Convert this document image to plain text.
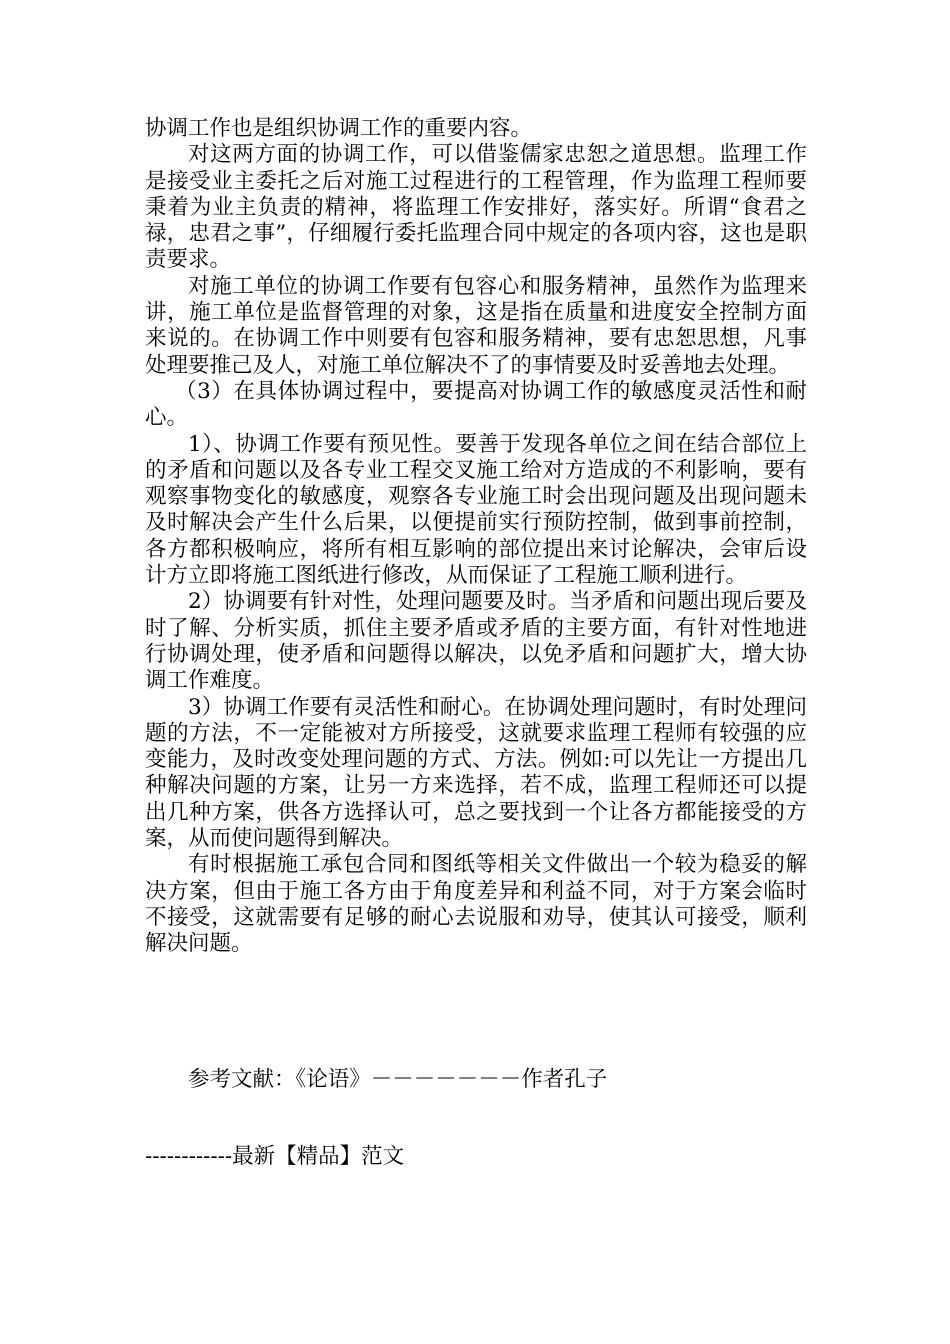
协调工作也是组织协调工作的重要内容。

对这两方面的协调工作，可以借鉴儒家忠恕之道思想。监理工作是接受业主委托之后对施工过程进行的工程管理，作为监理工程师要秉着为业主负责的精神，将监理工作安排好，落实好。所谓“食君之禄，忠君之事”，仔细履行委托监理合同中规定的各项内容，这也是职责要求。

对施工单位的协调工作要有包容心和服务精神，虽然作为监理来讲，施工单位是监督管理的对象，这是指在质量和进度安全控制方面来说的。在协调工作中则要有包容和服务精神，要有忠恕思想，凡事处理要推己及人，对施工单位解决不了的事情要及时妥善地去处理。

（3）在具体协调过程中，要提高对协调工作的敏感度灵活性和耐心。

1）、协调工作要有预见性。要善于发现各单位之间在结合部位上的矛盾和问题以及各专业工程交叉施工给对方造成的不利影响，要有观察事物变化的敏感度，观察各专业施工时会出现问题及出现问题未及时解决会产生什么后果，以便提前实行预防控制，做到事前控制，各方都积极响应，将所有相互影响的部位提出来讨论解决，会审后设计方立即将施工图纸进行修改，从而保证了工程施工顺利进行。

2）协调要有针对性，处理问题要及时。当矛盾和问题出现后要及时了解、分析实质，抓住主要矛盾或矛盾的主要方面，有针对性地进行协调处理，使矛盾和问题得以解决，以免矛盾和问题扩大，增大协调工作难度。

3）协调工作要有灵活性和耐心。在协调处理问题时，有时处理问题的方法，不一定能被对方所接受，这就要求监理工程师有较强的应变能力，及时改变处理问题的方式、方法。例如:可以先让一方提出几种解决问题的方案，让另一方来选择，若不成，监理工程师还可以提出几种方案，供各方选择认可，总之要找到一个让各方都能接受的方案，从而使问题得到解决。

有时根据施工承包合同和图纸等相关文件做出一个较为稳妥的解决方案，但由于施工各方由于角度差异和利益不同，对于方案会临时不接受，这就需要有足够的耐心去说服和劝导，使其认可接受，顺利解决问题。

参考文献：《论语》－－－－－－－作者孔子
------------最新【精品】范文
